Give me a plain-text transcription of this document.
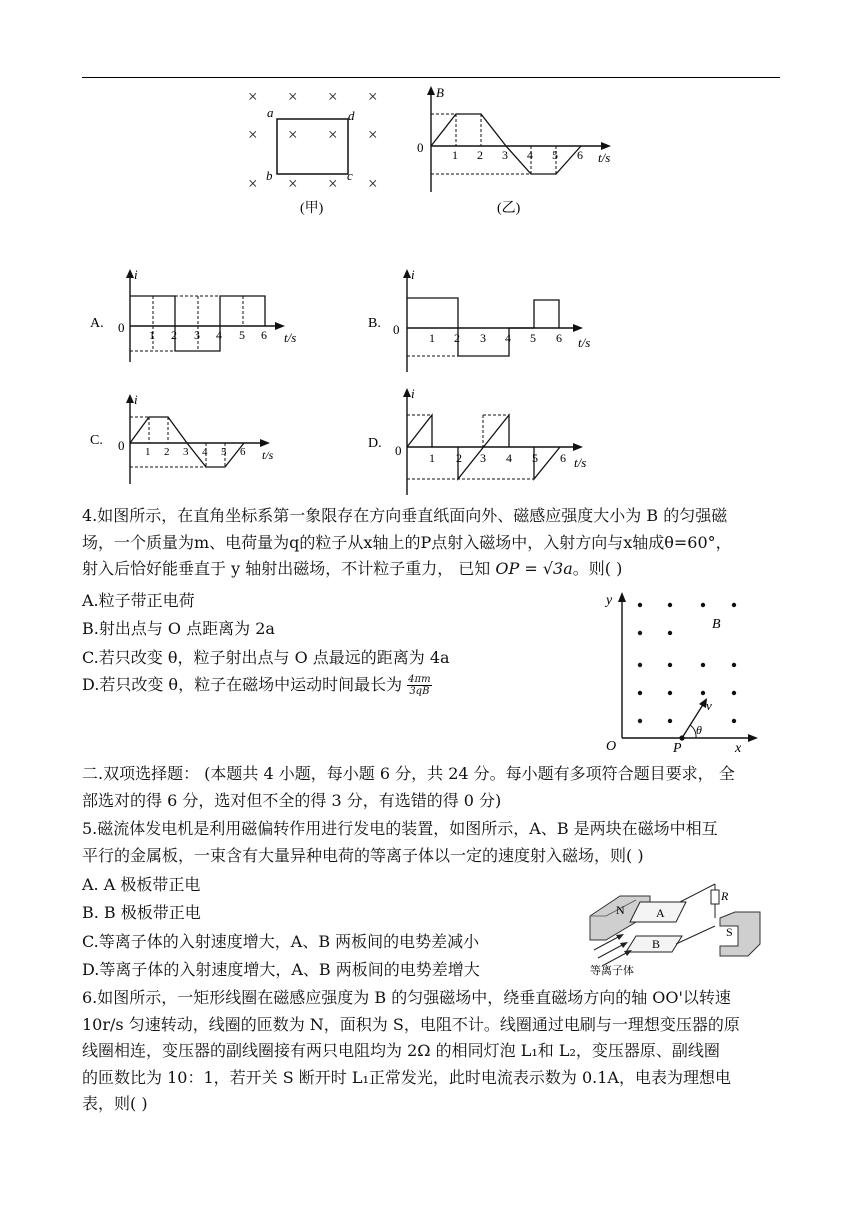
× × × ×
× × × ×
× × × ×
a
b	c
d
(甲)
B
0
t/s
1 2 3 4 5 6
(乙)
A. 0
i
t/s
1 2 3 4 5 6
B. 0
i
t/s
1 2 3 4 5 6
C. 0
i
t/s
1 2 3 4 5 6
D. 0
i
t/s
1 2 3 4 5 6
4.如图所示，在直角坐标系第一象限存在方向垂直纸面向外、磁感应强度大小为 B 的匀强磁
场，一个质量为m、电荷量为q的粒子从x轴上的P点射入磁场中，入射方向与x轴成θ=60°，
射入后恰好能垂直于 y 轴射出磁场，不计粒子重力， 已知 OP = √3a。则( )
A.粒子带正电荷
B.射出点与 O 点距离为 2a
C.若只改变 θ，粒子射出点与 O 点最远的距离为 4a
D.若只改变 θ，粒子在磁场中运动时间最长为 $\frac{4\pi m}{3qB}$
y
x
O	P
B
v
θ
二.双项选择题： (本题共 4 小题，每小题 6 分，共 24 分。每小题有多项符合题目要求， 全
部选对的得 6 分，选对但不全的得 3 分，有选错的得 0 分)
5.磁流体发电机是利用磁偏转作用进行发电的装置，如图所示，A、B 是两块在磁场中相互
平行的金属板，一束含有大量异种电荷的等离子体以一定的速度射入磁场，则( )
A. A 极板带正电
B. B 极板带正电
C.等离子体的入射速度增大，A、B 两板间的电势差减小
D.等离子体的入射速度增大，A、B 两板间的电势差增大
N	A
B
S
R
等离子体
6.如图所示，一矩形线圈在磁感应强度为 B 的匀强磁场中，绕垂直磁场方向的轴 OO'以转速
10r/s 匀速转动，线圈的匝数为 N，面积为 S，电阻不计。线圈通过电刷与一理想变压器的原
线圈相连，变压器的副线圈接有两只电阻均为 2Ω 的相同灯泡 L₁和 L₂，变压器原、副线圈
的匝数比为 10：1，若开关 S 断开时 L₁正常发光，此时电流表示数为 0.1A，电表为理想电
表，则( )
